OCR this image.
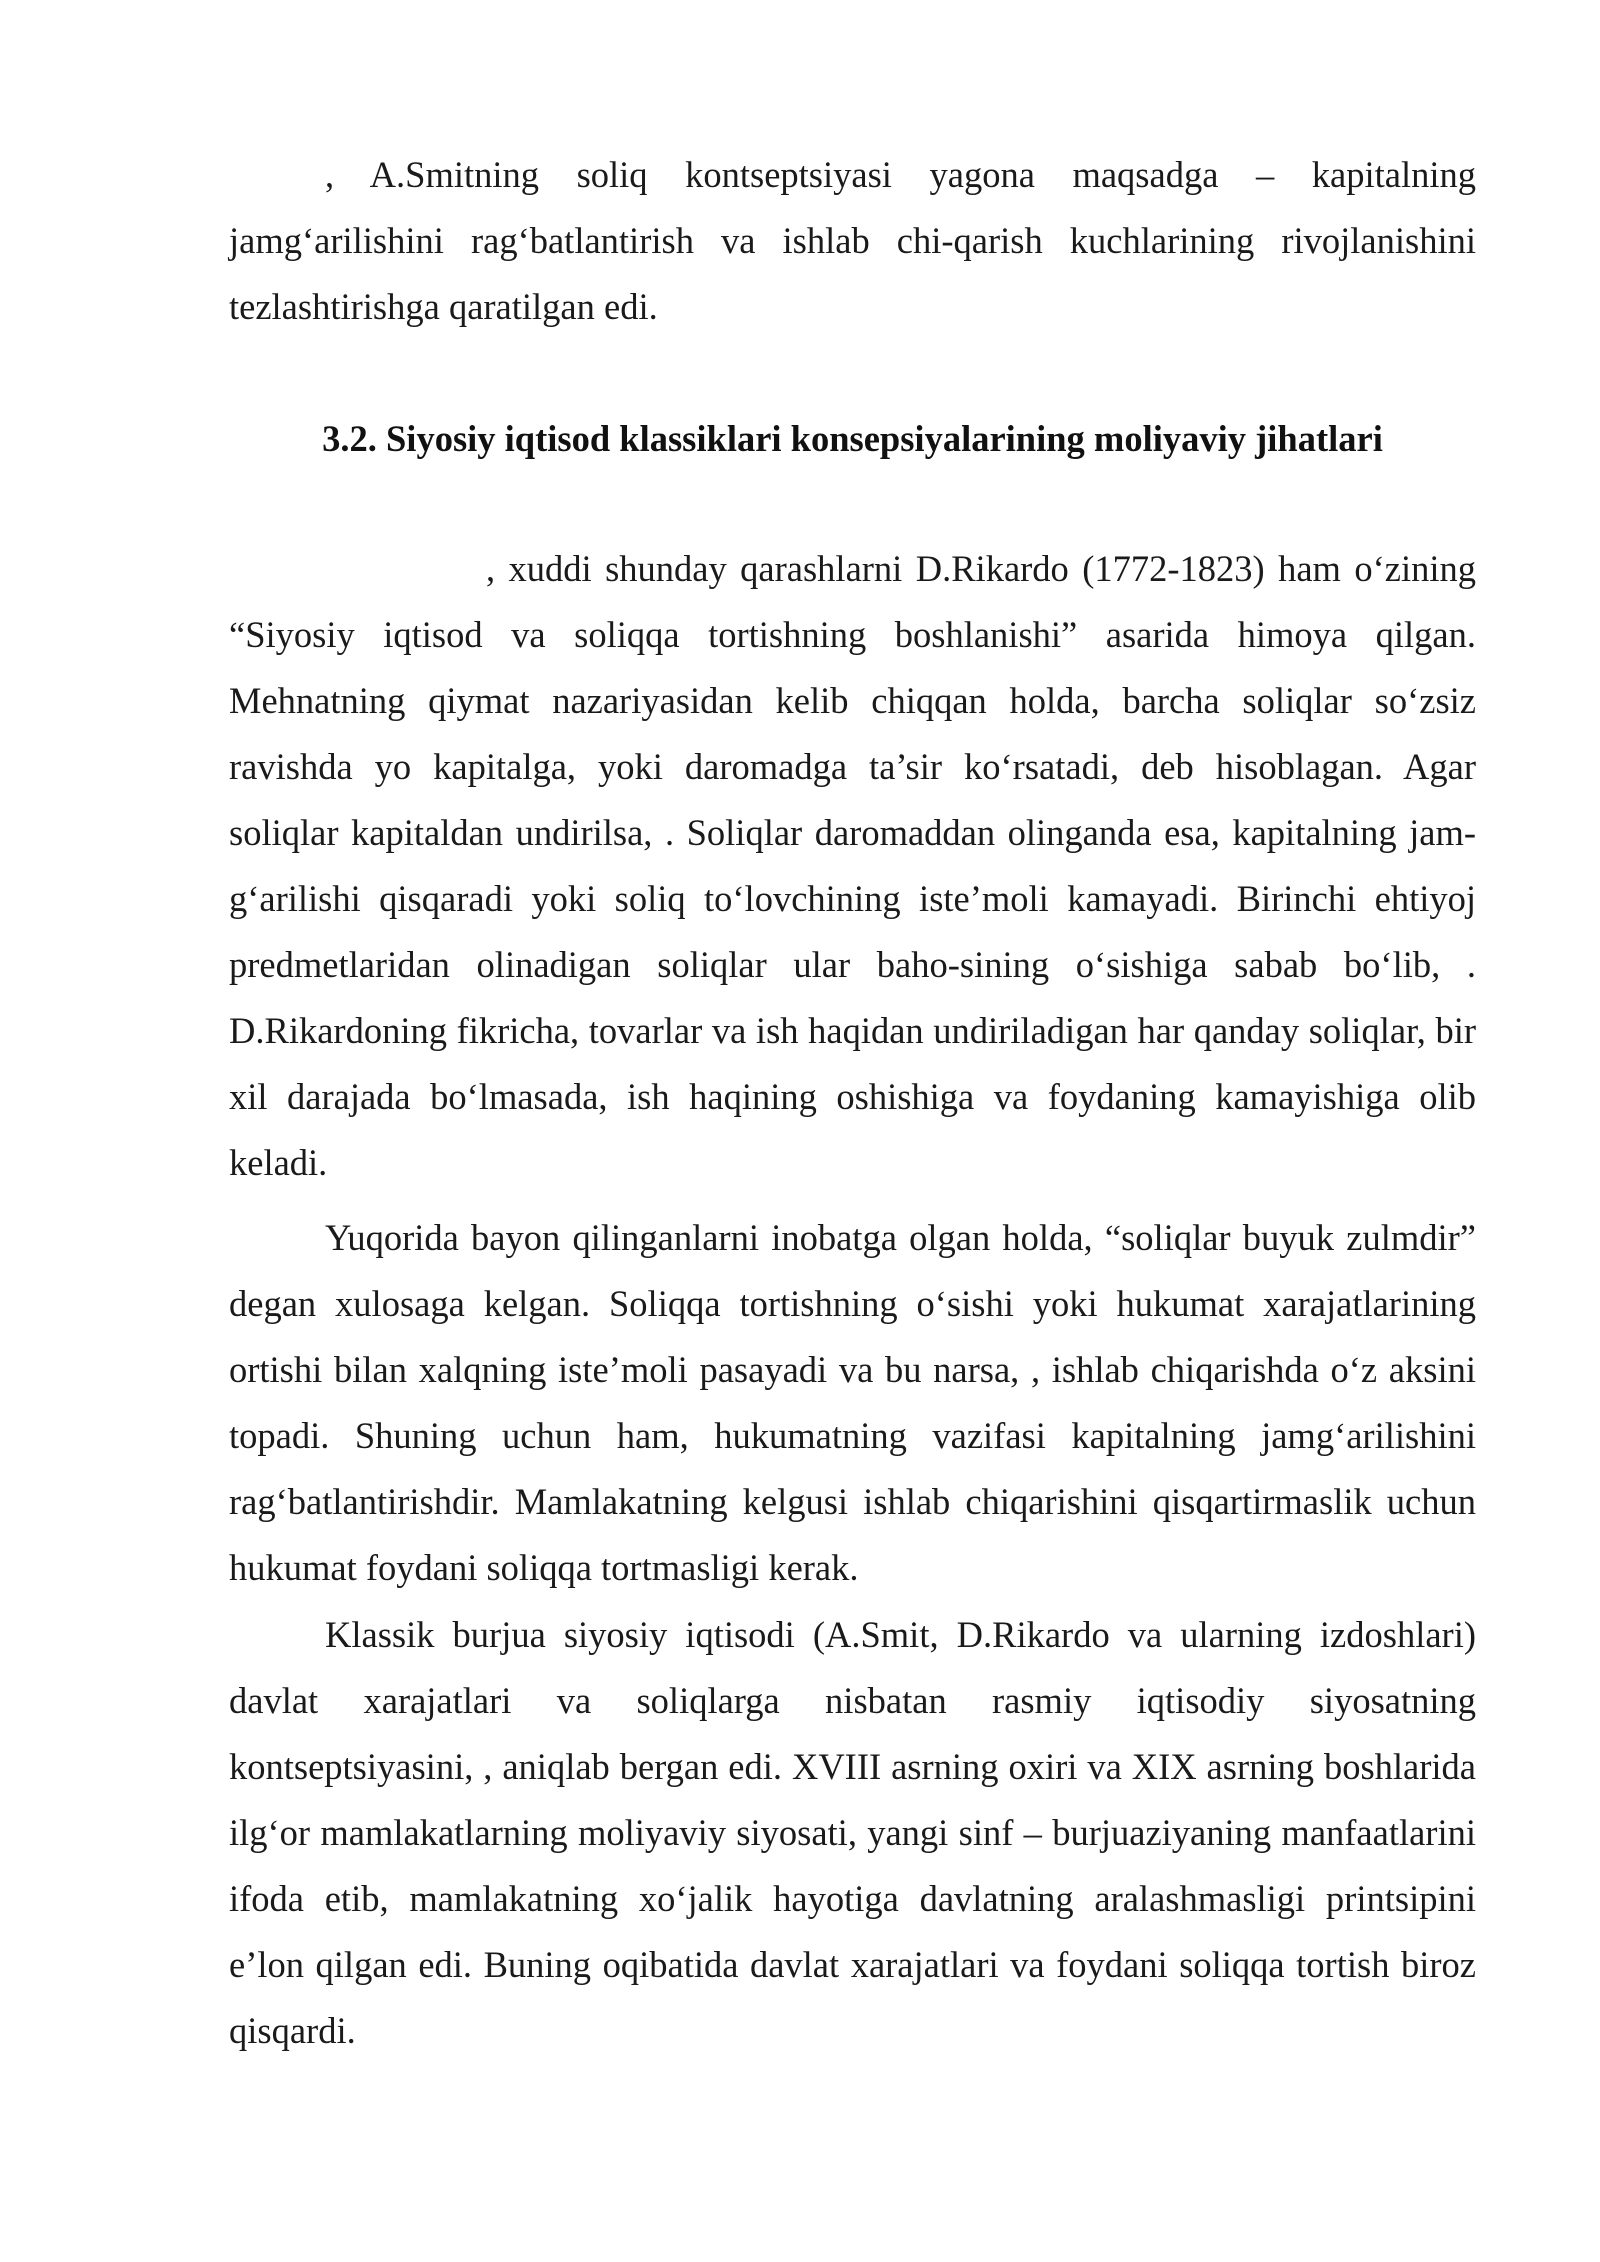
, A.Smitning soliq kontseptsiyasi yagona maqsadga – kapitalning jamg‘arilishini rag‘batlantirish va ishlab chi-qarish kuchlarining rivojlanishini tezlashtirishga qaratilgan edi.

3.2. Siyosiy iqtisod klassiklari konsepsiyalarining moliyaviy jihatlari

, xuddi shunday qarashlarni D.Rikardo (1772-1823) ham o‘zining “Siyosiy iqtisod va soliqqa tortishning boshlanishi” asarida himoya qilgan. Mehnatning qiymat nazariyasidan kelib chiqqan holda, barcha soliqlar so‘zsiz ravishda yo kapitalga, yoki daromadga ta’sir ko‘rsatadi, deb hisoblagan. Agar soliqlar kapitaldan undirilsa, . Soliqlar daromaddan olinganda esa, kapitalning jam-g‘arilishi qisqaradi yoki soliq to‘lovchining iste’moli kamayadi. Birinchi ehtiyoj predmetlaridan olinadigan soliqlar ular baho-sining o‘sishiga sabab bo‘lib, . D.Rikardoning fikricha, tovarlar va ish haqidan undiriladigan har qanday soliqlar, bir xil darajada bo‘lmasada, ish haqining oshishiga va foydaning kamayishiga olib keladi.

Yuqorida bayon qilinganlarni inobatga olgan holda, “soliqlar buyuk zulmdir” degan xulosaga kelgan. Soliqqa tortishning o‘sishi yoki hukumat xarajatlarining ortishi bilan xalqning iste’moli pasayadi va bu narsa, , ishlab chiqarishda o‘z aksini topadi. Shuning uchun ham, hukumatning vazifasi kapitalning jamg‘arilishini rag‘batlantirishdir. Mamlakatning kelgusi ishlab chiqarishini qisqartirmaslik uchun hukumat foydani soliqqa tortmasligi kerak.

Klassik burjua siyosiy iqtisodi (A.Smit, D.Rikardo va ularning izdoshlari) davlat xarajatlari va soliqlarga nisbatan rasmiy iqtisodiy siyosatning kontseptsiyasini, , aniqlab bergan edi. XVIII asrning oxiri va XIX asrning boshlarida ilg‘or mamlakatlarning moliyaviy siyosati, yangi sinf – burjuaziyaning manfaatlarini ifoda etib, mamlakatning xo‘jalik hayotiga davlatning aralashmasligi printsipini e’lon qilgan edi. Buning oqibatida davlat xarajatlari va foydani soliqqa tortish biroz qisqardi.
